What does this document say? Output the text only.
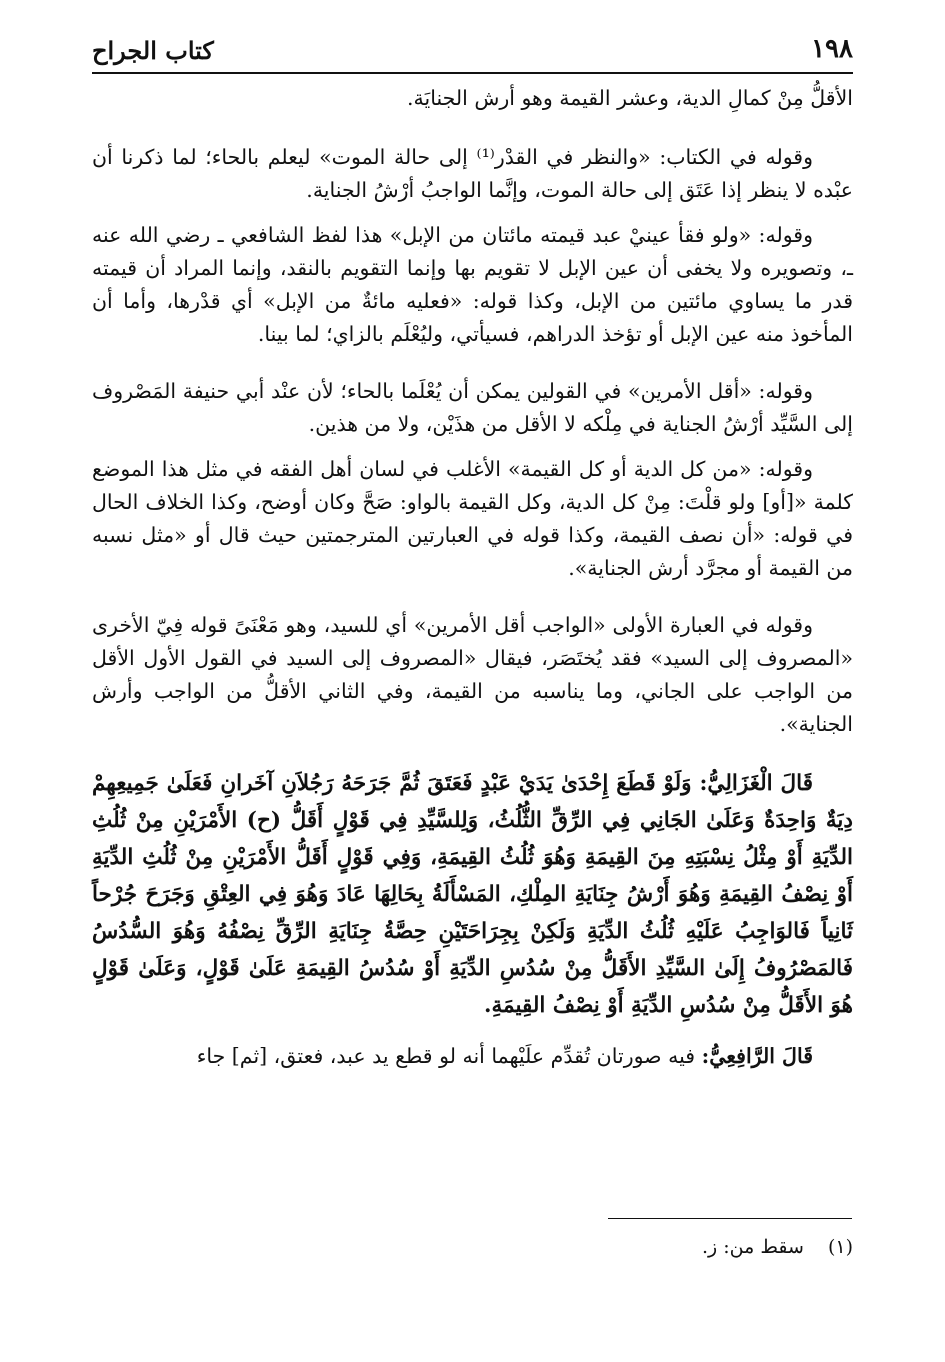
١٩٨
كتاب الجراح

الأقلُّ مِنْ كمالِ الدية، وعشر القيمة وهو أرش الجنايَة.

وقوله في الكتاب: «والنظر في القدْر⁽¹⁾ إلى حالة الموت» ليعلم بالحاء؛ لما ذكرنا أن عبْده لا ينظر إذا عَتَق إلى حالة الموت، وإنَّما الواجبُ أرْشُ الجناية.

وقوله: «ولو فقأ عينيْ عبد قيمته مائتان من الإبل» هذا لفظ الشافعي ـ رضي الله عنه ـ، وتصويره ولا يخفى أن عين الإبل لا تقويم بها وإنما التقويم بالنقد، وإنما المراد أن قيمته قدر ما يساوي مائتين من الإبل، وكذا قوله: «فعليه مائةٌ من الإبل» أي قدْرها، وأما أن المأخوذ منه عين الإبل أو تؤخذ الدراهم، فسيأتي، وليُعْلَم بالزاي؛ لما بينا.

وقوله: «أقل الأمرين» في القولين يمكن أن يُعْلَما بالحاء؛ لأن عنْد أبي حنيفة المَصْروف إلى السَّيِّد أرْشُ الجناية في مِلْكه لا الأقل من هذَيْن، ولا من هذين.

وقوله: «من كل الدية أو كل القيمة» الأغلب في لسان أهل الفقه في مثل هذا الموضع كلمة «[أو] ولو قلْتَ: مِنْ كل الدية، وكل القيمة بالواو: صَحَّ وكان أوضح، وكذا الخلاف الحال في قوله: «أن نصف القيمة، وكذا قوله في العبارتين المترجمتين حيث قال أو «مثل نسبه من القيمة أو مجرَّد أرش الجناية».

وقوله في العبارة الأولى «الواجب أقل الأمرين» أي للسيد، وهو مَعْنَىً قوله فِيّ الأخرى «المصروف إلى السيد» فقد يُختَصَر، فيقال «المصروف إلى السيد في القول الأول الأقل من الواجب على الجاني، وما يناسبه من القيمة، وفي الثاني الأقلُّ من الواجب وأرش الجناية».

قَالَ الْغَزَالِيُّ: وَلَوْ قَطَعَ إِحْدَىٰ يَدَيْ عَبْدٍ فَعَتَقَ ثُمَّ جَرَحَهُ رَجُلاَنِ آخَرانِ فَعَلَىٰ جَمِيعِهِمْ دِيَةٌ وَاحِدَةٌ وَعَلَىٰ الجَانِي فِي الرِّقِّ الثُّلُثُ، وَلِلسَّيِّدِ فِي قَوْلٍ أَقَلُّ (ح) الأَمْرَيْنِ مِنْ ثُلُثِ الدِّيَةِ أَوْ مِثْلُ نِسْبَتِهِ مِنَ القِيمَةِ وَهُوَ ثُلُثُ القِيمَةِ، وَفِي قَوْلٍ أَقَلُّ الأَمْرَيْنِ مِنْ ثُلُثِ الدِّيَةِ أَوْ نِصْفُ القِيمَةِ وَهُوَ أَرْشُ جِنَايَةِ المِلْكِ، المَسْأَلَةُ بِحَالِهَا عَادَ وَهُوَ فِي العِتْقِ وَجَرَحَ جُرْحاً ثَانِياً فَالوَاجِبُ عَلَيْهِ ثُلُثُ الدِّيَةِ وَلَكِنْ بِجِرَاحَتَيْنِ حِصَّةُ جِنَايَةِ الرِّقِّ نِصْفُهُ وَهُوَ السُّدُسُ فَالمَصْرُوفُ إِلَىٰ السَّيِّدِ الأَقَلُّ مِنْ سُدُسِ الدِّيَةِ أَوْ سُدُسُ القِيمَةِ عَلَىٰ قَوْلٍ، وَعَلَىٰ قَوْلٍ هُوَ الأَقَلُّ مِنْ سُدُسِ الدِّيَةِ أَوْ نِصْفُ القِيمَةِ.

قَالَ الرَّافِعِيُّ: فيه صورتان تُقدِّم علَيْهما أنه لو قطع يد عبد، فعتق، [ثم] جاء

(١) سقط من: ز.
